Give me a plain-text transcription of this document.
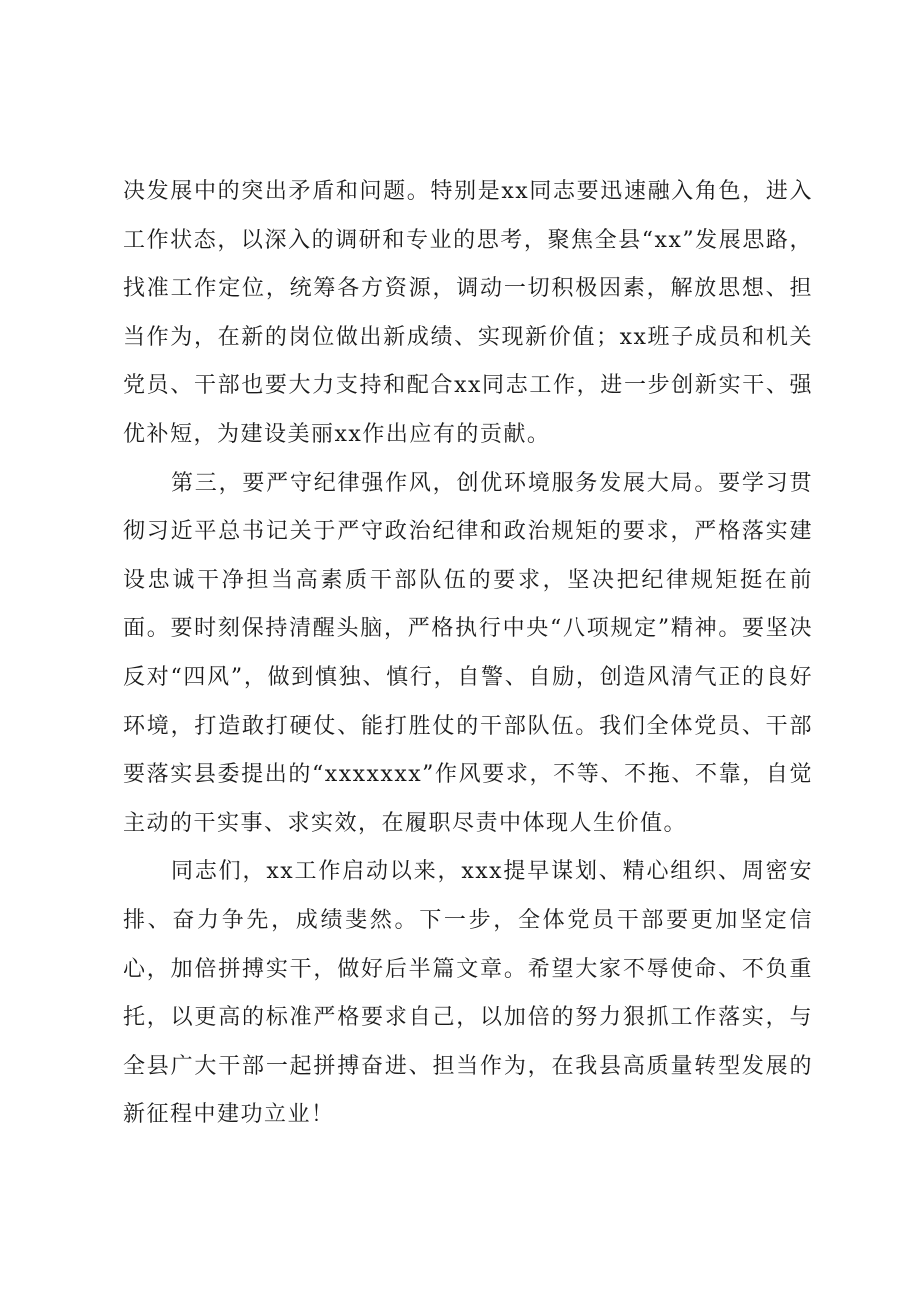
决发展中的突出矛盾和问题。特别是xx同志要迅速融入角色，进入工作状态，以深入的调研和专业的思考，聚焦全县“xx”发展思路，找准工作定位，统筹各方资源，调动一切积极因素，解放思想、担当作为，在新的岗位做出新成绩、实现新价值；xx班子成员和机关党员、干部也要大力支持和配合xx同志工作，进一步创新实干、强优补短，为建设美丽xx作出应有的贡献。

第三，要严守纪律强作风，创优环境服务发展大局。要学习贯彻习近平总书记关于严守政治纪律和政治规矩的要求，严格落实建设忠诚干净担当高素质干部队伍的要求，坚决把纪律规矩挺在前面。要时刻保持清醒头脑，严格执行中央“八项规定”精神。要坚决反对“四风”，做到慎独、慎行，自警、自励，创造风清气正的良好环境，打造敢打硬仗、能打胜仗的干部队伍。我们全体党员、干部要落实县委提出的“xxxxxxx”作风要求，不等、不拖、不靠，自觉主动的干实事、求实效，在履职尽责中体现人生价值。

同志们，xx工作启动以来，xxx提早谋划、精心组织、周密安排、奋力争先，成绩斐然。下一步，全体党员干部要更加坚定信心，加倍拼搏实干，做好后半篇文章。希望大家不辱使命、不负重托，以更高的标准严格要求自己，以加倍的努力狠抓工作落实，与全县广大干部一起拼搏奋进、担当作为，在我县高质量转型发展的新征程中建功立业！
